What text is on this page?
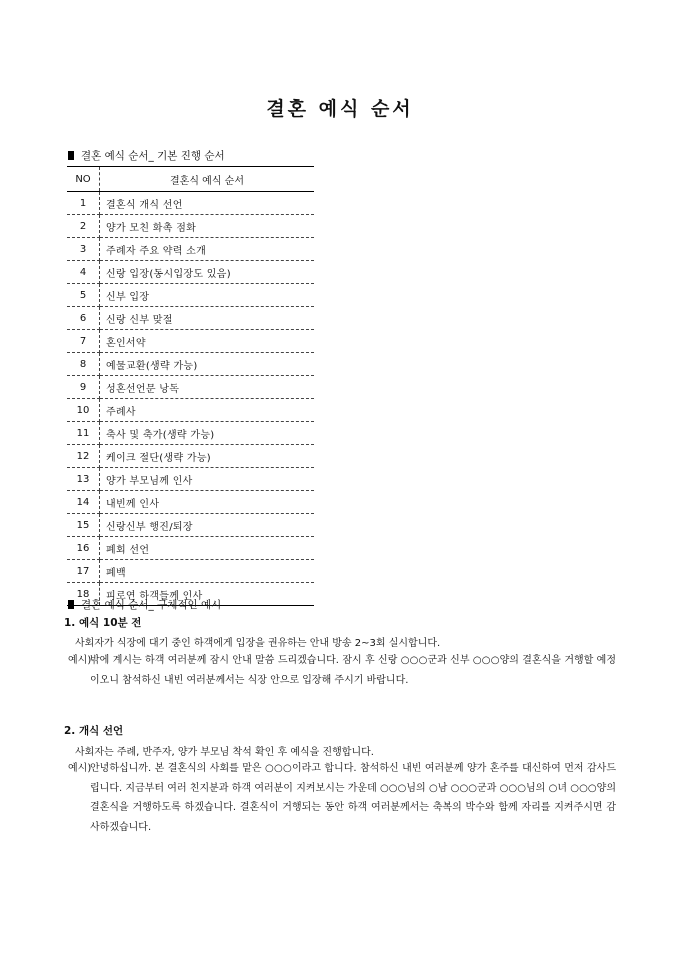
결혼 예식 순서
결혼 예식 순서_ 기본 진행 순서
NO	결혼식 예식 순서
1	결혼식 개식 선언
2	양가 모친 화촉 점화
3	주례자 주요 약력 소개
4	신랑 입장(동시입장도 있음)
5	신부 입장
6	신랑 신부 맞절
7	혼인서약
8	예물교환(생략 가능)
9	성혼선언문 낭독
10	주례사
11	축사 및 축가(생략 가능)
12	케이크 절단(생략 가능)
13	양가 부모님께 인사
14	내빈께 인사
15	신랑신부 행진/퇴장
16	폐회 선언
17	폐백
18	피로연 하객들께 인사
결혼 예식 순서_ 구체적인 예시
1. 예식 10분 전
사회자가 식장에 대기 중인 하객에게 입장을 권유하는 안내 방송 2~3회 실시합니다.
예시)
밖에 계시는 하객 여러분께 잠시 안내 말씀 드리겠습니다. 잠시 후 신랑 ○○○군과 신부 ○○○양의 결혼식을 거행할 예정이오니 참석하신 내빈 여러분께서는 식장 안으로 입장해 주시기 바랍니다.
2. 개식 선언
사회자는 주례, 반주자, 양가 부모님 착석 확인 후 예식을 진행합니다.
예시)
안녕하십니까. 본 결혼식의 사회를 맡은 ○○○이라고 합니다. 참석하신 내빈 여러분께 양가 혼주를 대신하여 먼저 감사드립니다. 지금부터 여러 친지분과 하객 여러분이 지켜보시는 가운데 ○○○님의 ○남 ○○○군과 ○○○님의 ○녀 ○○○양의 결혼식을 거행하도록 하겠습니다. 결혼식이 거행되는 동안 하객 여러분께서는 축복의 박수와 함께 자리를 지켜주시면 감사하겠습니다.
